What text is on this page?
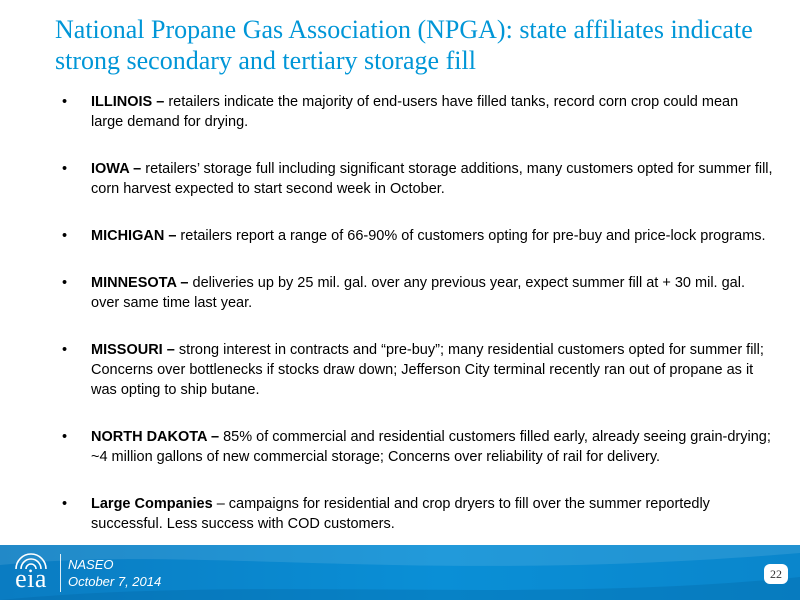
National Propane Gas Association (NPGA): state affiliates indicate strong secondary and tertiary storage fill
• ILLINOIS – retailers indicate the majority of end-users have filled tanks, record corn crop could mean large demand for drying.
• IOWA – retailers’ storage full including significant storage additions, many customers opted for summer fill, corn harvest expected to start second week in October.
• MICHIGAN – retailers report a range of 66-90% of customers opting for pre-buy and price-lock programs.
• MINNESOTA – deliveries up by 25 mil. gal. over any previous year, expect summer fill at + 30 mil. gal. over same time last year.
• MISSOURI – strong interest in contracts and “pre-buy”; many residential customers opted for summer fill; Concerns over bottlenecks if stocks draw down; Jefferson City terminal recently ran out of propane as it was opting to ship butane.
• NORTH DAKOTA – 85% of commercial and residential customers filled early, already seeing grain-drying; ~4 million gallons of new commercial storage; Concerns over reliability of rail for delivery.
• Large Companies – campaigns for residential and crop dryers to fill over the summer reportedly successful. Less success with COD customers.
eia	NASEO
October 7, 2014	22
